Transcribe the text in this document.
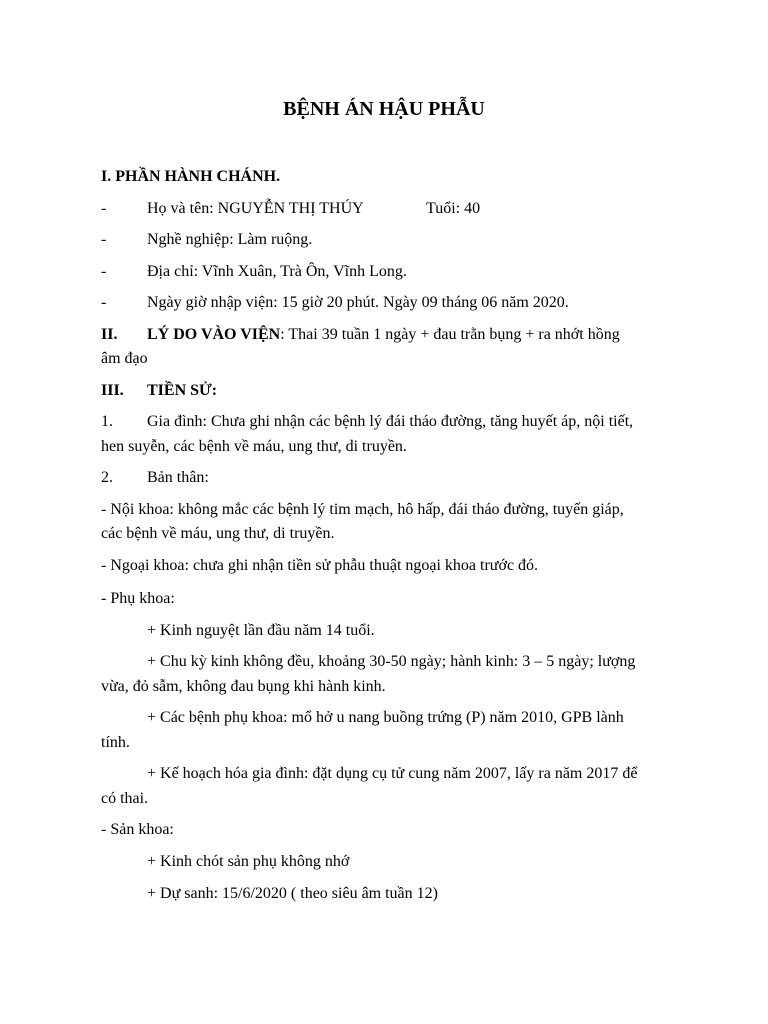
BỆNH ÁN HẬU PHẪU
I. PHẦN HÀNH CHÁNH.
-	Họ và tên: NGUYỄN THỊ THÚY	Tuổi: 40
-	Nghề nghiệp: Làm ruộng.
-	Địa chỉ: Vĩnh Xuân, Trà Ôn, Vĩnh Long.
-	Ngày giờ nhập viện: 15 giờ 20 phút. Ngày 09 tháng 06 năm 2020.
II. LÝ DO VÀO VIỆN: Thai 39 tuần 1 ngày + đau trằn bụng + ra nhớt hồng
âm đạo
III. TIỀN SỬ:
1. Gia đình: Chưa ghi nhận các bệnh lý đái tháo đường, tăng huyết áp, nội tiết,
hen suyễn, các bệnh về máu, ung thư, di truyền.
2. Bản thân:
- Nội khoa: không mắc các bệnh lý tim mạch, hô hấp, đái tháo đường, tuyến giáp,
các bệnh về máu, ung thư, di truyền.
- Ngoại khoa: chưa ghi nhận tiền sử phẫu thuật ngoại khoa trước đó.
- Phụ khoa:
+ Kinh nguyệt lần đầu năm 14 tuổi.
+ Chu kỳ kinh không đều, khoảng 30-50 ngày; hành kinh: 3 – 5 ngày; lượng
vừa, đỏ sẫm, không đau bụng khi hành kinh.
+ Các bệnh phụ khoa: mổ hở u nang buồng trứng (P) năm 2010, GPB lành
tính.
+ Kế hoạch hóa gia đình: đặt dụng cụ tử cung năm 2007, lấy ra năm 2017 để
có thai.
- Sản khoa:
+ Kinh chót sản phụ không nhớ
+ Dự sanh: 15/6/2020 ( theo siêu âm tuần 12)
